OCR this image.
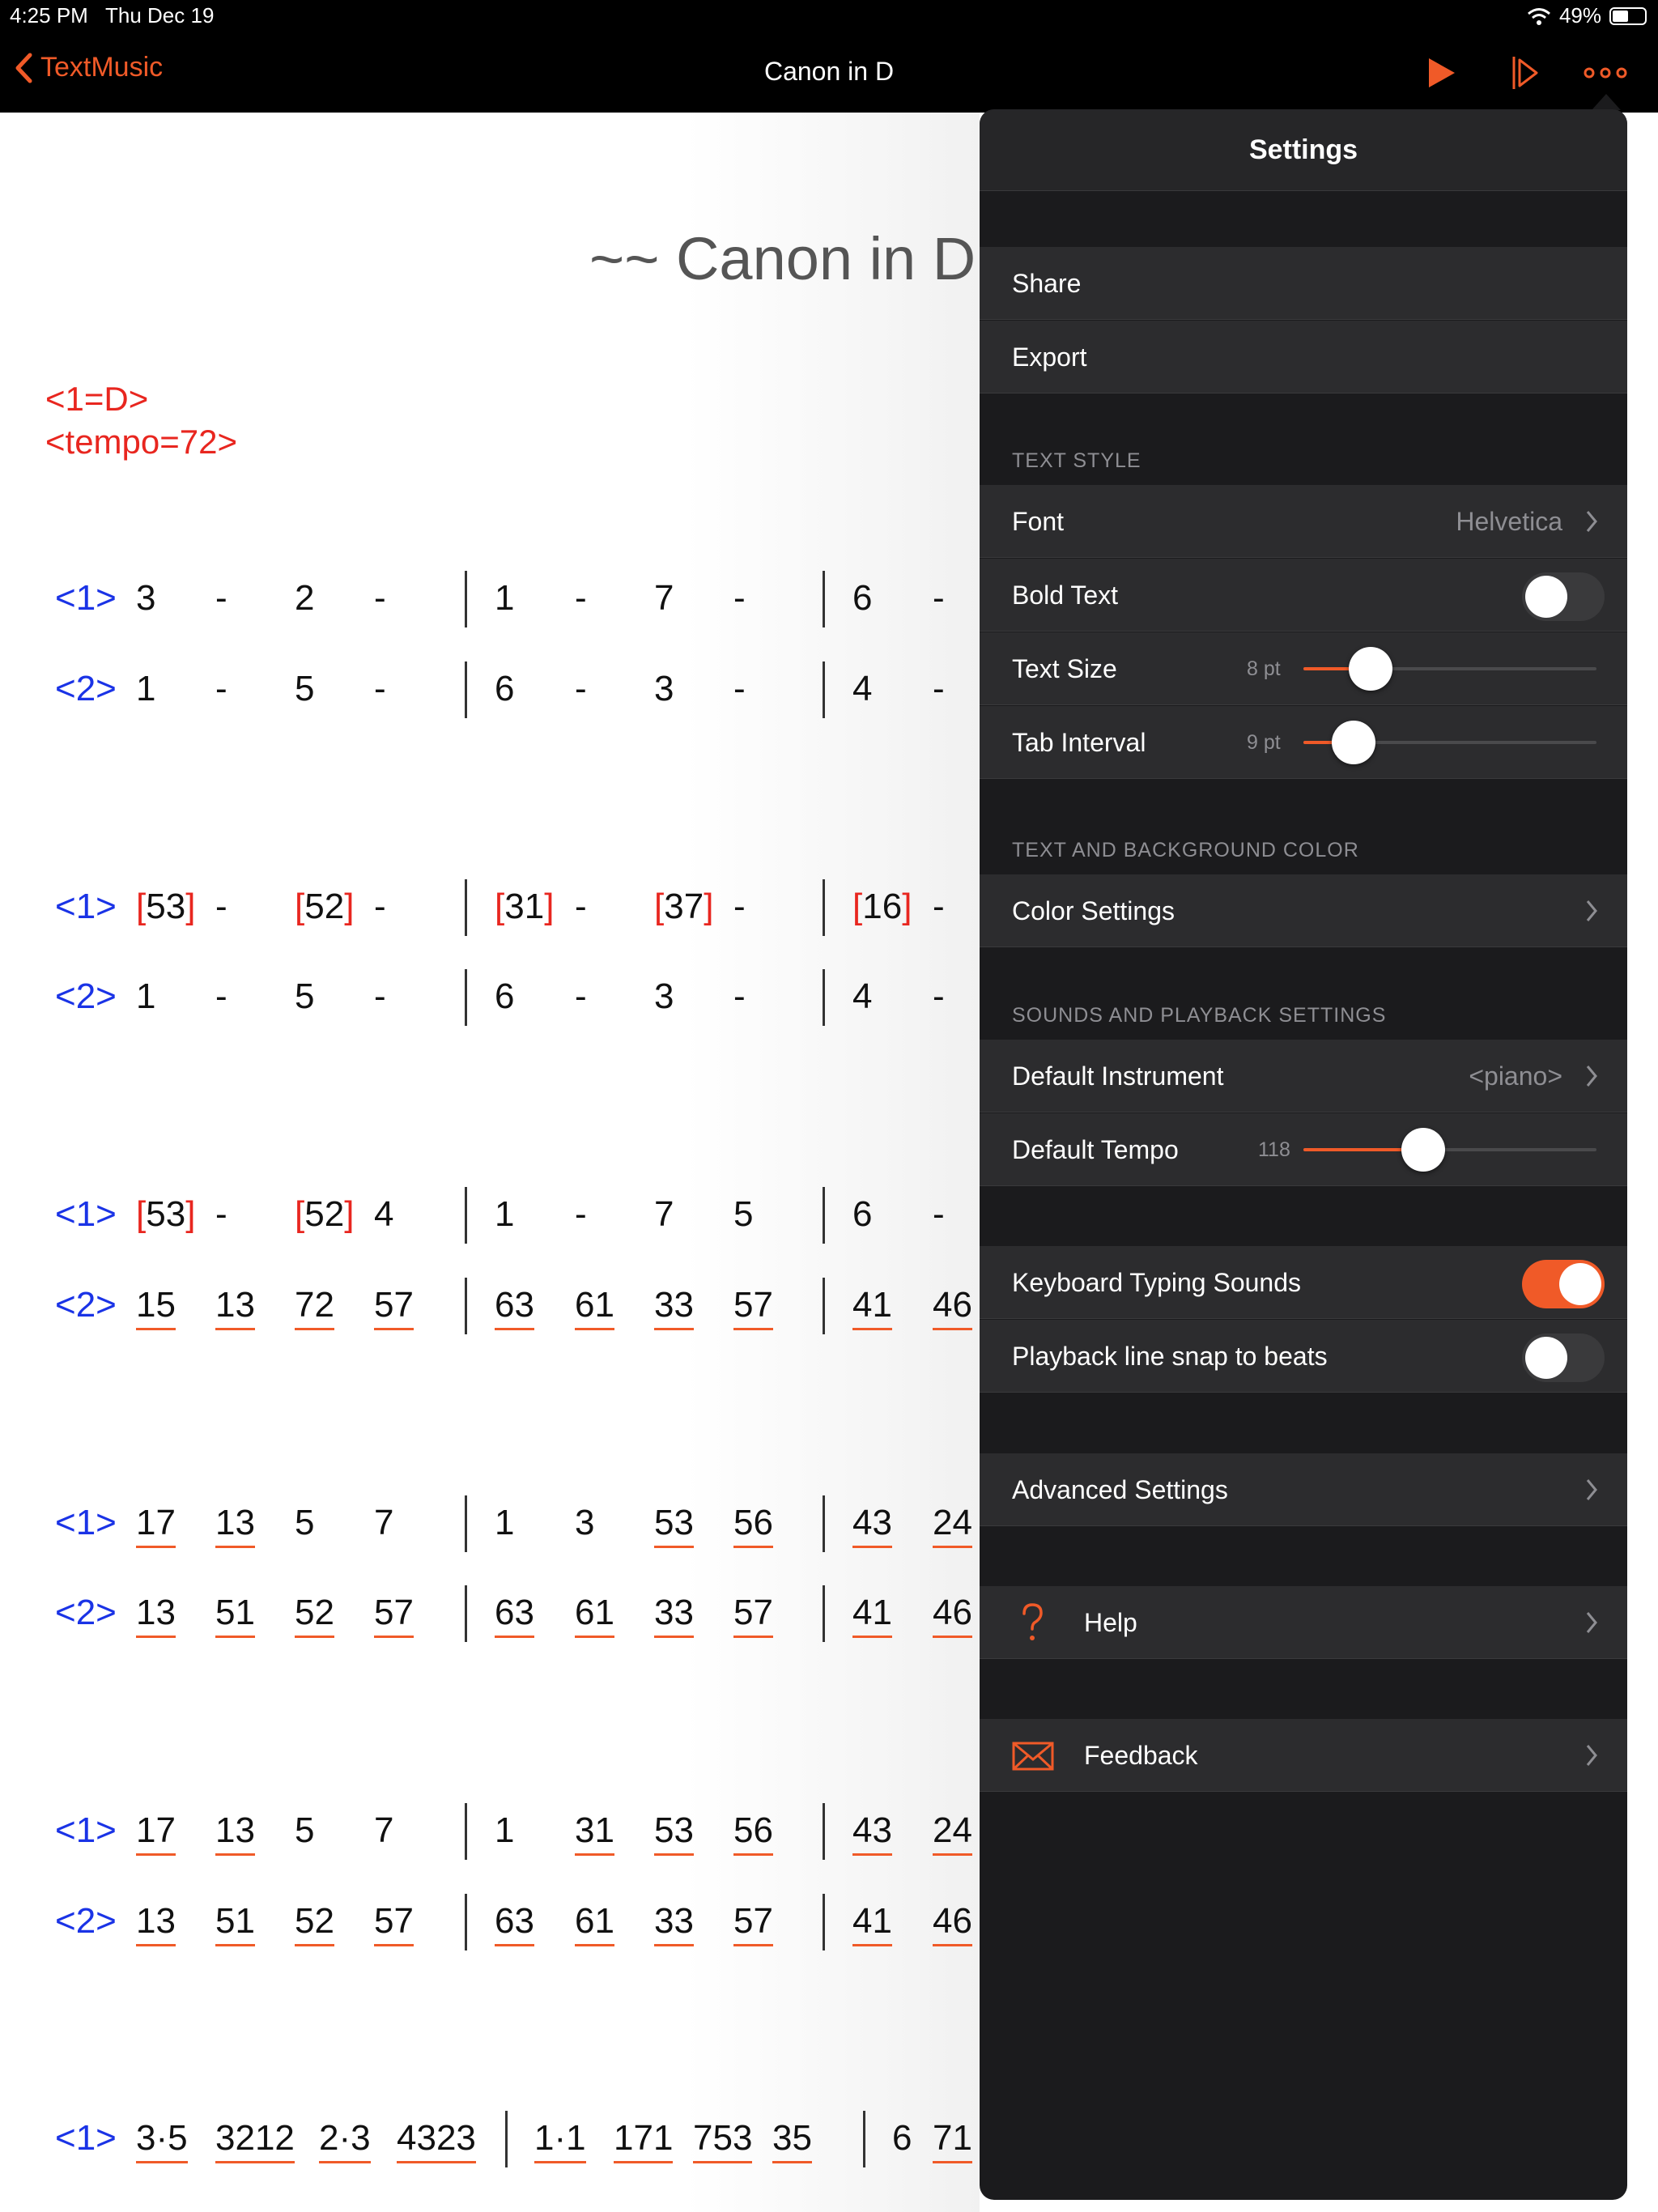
4:25 PM Thu Dec 19	49%
TextMusic	Canon in D
~~ Canon in D
<1=D>
<tempo=72>
<1> 3 - 2 -	1 - 7 -	6 -
<2> 1 - 5 -	6 - 3 -	4 -
<1> [53] - [52] -	[31] - [37] -	[16] -
<2> 1 - 5 -	6 - 3 -	4 -
<1> [53] - [52] 4	1 - 7 5	6 -
<2> 15 13 72 57 63 61 33 57 41 46
<1> 17 13 5 7	1 3 53 56 43 24
<2> 13 51 52 57 63 61 33 57 41 46
<1> 17 13 5 7	1 31 53 56 43 24
<2> 13 51 52 57 63 61 33 57 41 46
<1> 3·5 3212 2·3 4323 1·1 171 753 35 6 71
Settings
Share
Export
TEXT STYLE
Font	Helvetica
Bold Text
Text Size	8 pt
Tab Interval	9 pt
TEXT AND BACKGROUND COLOR
Color Settings
SOUNDS AND PLAYBACK SETTINGS
Default Instrument	<piano>
Default Tempo	118
Keyboard Typing Sounds
Playback line snap to beats
Advanced Settings
Help
Feedback
